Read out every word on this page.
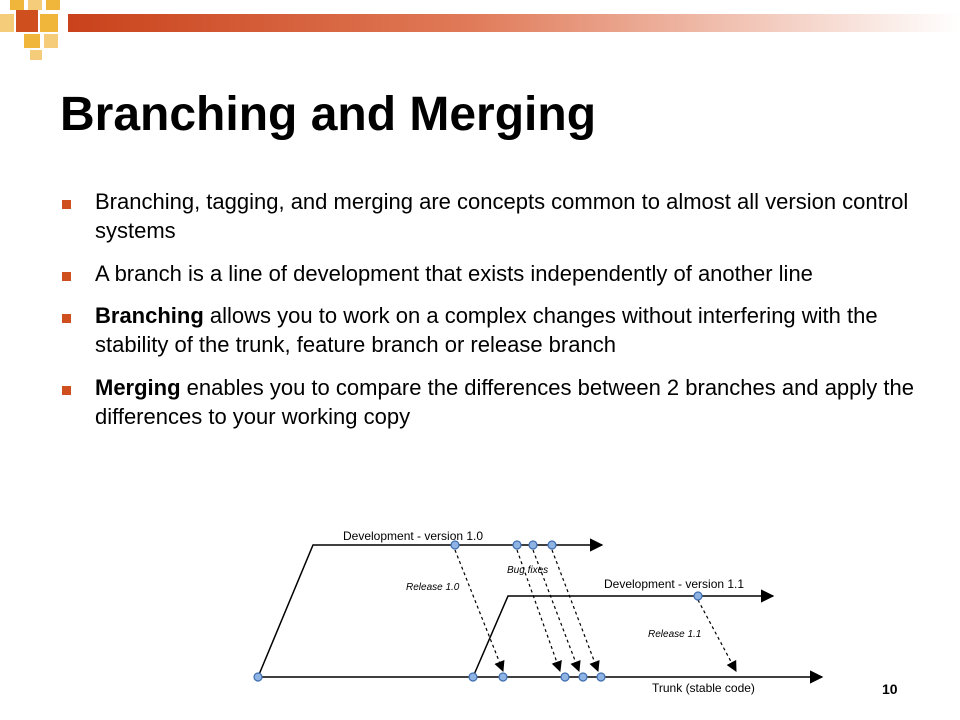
Branching and Merging
Branching, tagging, and merging are concepts common to almost all version control systems
A branch is a line of development that exists independently of another line
Branching allows you to work on a complex changes without interfering with the stability of the trunk, feature branch or release branch
Merging enables you to compare the differences between 2 branches and apply the differences to your working copy
Development - version 1.0
Development - version 1.1
Trunk (stable code)
Release 1.0
Release 1.1
Bug fixes
10
